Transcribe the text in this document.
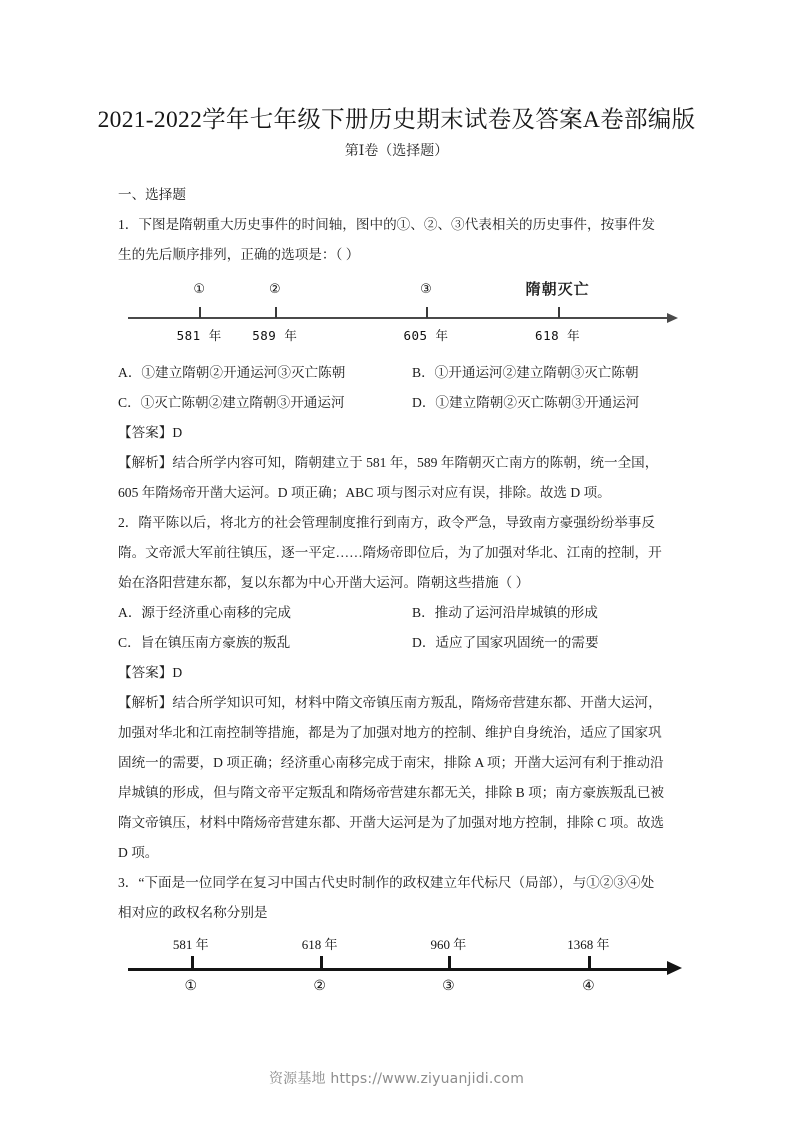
2021-2022学年七年级下册历史期末试卷及答案A卷部编版
第Ⅰ卷（选择题）

一、选择题

1．下图是隋朝重大历史事件的时间轴，图中的①、②、③代表相关的历史事件，按事件发

生的先后顺序排列，正确的选项是：（ ）

①	②	③	隋朝灭亡
581 年 589 年	605 年	618 年
A．①建立隋朝②开通运河③灭亡陈朝	B．①开通运河②建立隋朝③灭亡陈朝
C．①灭亡陈朝②建立隋朝③开通运河	D．①建立隋朝②灭亡陈朝③开通运河

【答案】D

【解析】结合所学内容可知，隋朝建立于 581 年，589 年隋朝灭亡南方的陈朝，统一全国，

605 年隋炀帝开凿大运河。D 项正确；ABC 项与图示对应有误，排除。故选 D 项。

2．隋平陈以后，将北方的社会管理制度推行到南方，政令严急，导致南方豪强纷纷举事反

隋。文帝派大军前往镇压，逐一平定……隋炀帝即位后，为了加强对华北、江南的控制，开

始在洛阳营建东都，复以东都为中心开凿大运河。隋朝这些措施（ ）

A．源于经济重心南移的完成	B．推动了运河沿岸城镇的形成
C．旨在镇压南方豪族的叛乱	D．适应了国家巩固统一的需要

【答案】D

【解析】结合所学知识可知，材料中隋文帝镇压南方叛乱，隋炀帝营建东都、开凿大运河，

加强对华北和江南控制等措施，都是为了加强对地方的控制、维护自身统治，适应了国家巩

固统一的需要，D 项正确；经济重心南移完成于南宋，排除 A 项；开凿大运河有利于推动沿

岸城镇的形成，但与隋文帝平定叛乱和隋炀帝营建东都无关，排除 B 项；南方豪族叛乱已被

隋文帝镇压，材料中隋炀帝营建东都、开凿大运河是为了加强对地方控制，排除 C 项。故选

D 项。

3．“下面是一位同学在复习中国古代史时制作的政权建立年代标尺（局部），与①②③④处

相对应的政权名称分别是

581 年	618 年	960 年	1368 年
①	②	③	④
资源基地 https://www.ziyuanjidi.com
